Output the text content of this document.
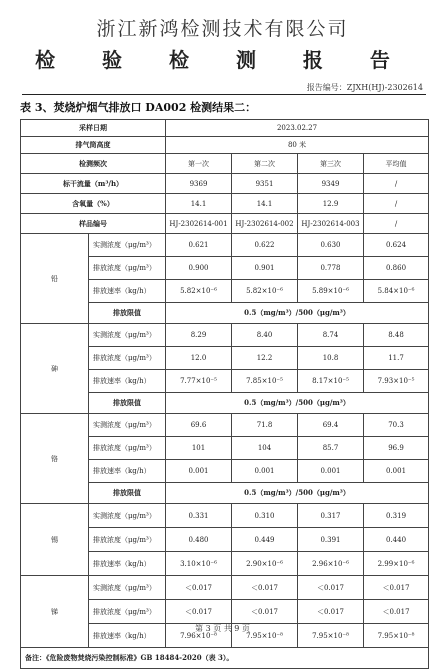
浙江新鸿检测技术有限公司
检 验 检 测 报 告
报告编号：ZJXH(HJ)-2302614
表 3、焚烧炉烟气排放口 DA002 检测结果二：
采样日期		2023.02.27			
排气筒高度		80 米			
检测频次		第一次	第二次	第三次	平均值
标干流量（m³/h）		9369	9351	9349	/
含氧量（%）		14.1	14.1	12.9	/
样品编号		HJ-2302614-001	HJ-2302614-002	HJ-2302614-003	/
铅	实测浓度（μg/m³）	0.621	0.622	0.630	0.624
	排放浓度（μg/m³）	0.900	0.901	0.778	0.860
	排放速率（kg/h）	5.82×10⁻⁶	5.82×10⁻⁶	5.89×10⁻⁶	5.84×10⁻⁶
	排放限值	0.5（mg/m³）/500（μg/m³）			
砷	实测浓度（μg/m³）	8.29	8.40	8.74	8.48
	排放浓度（μg/m³）	12.0	12.2	10.8	11.7
	排放速率（kg/h）	7.77×10⁻⁵	7.85×10⁻⁵	8.17×10⁻⁵	7.93×10⁻⁵
	排放限值	0.5（mg/m³）/500（μg/m³）			
铬	实测浓度（μg/m³）	69.6	71.8	69.4	70.3
	排放浓度（μg/m³）	101	104	85.7	96.9
	排放速率（kg/h）	0.001	0.001	0.001	0.001
	排放限值	0.5（mg/m³）/500（μg/m³）			
锡	实测浓度（μg/m³）	0.331	0.310	0.317	0.319
	排放浓度（μg/m³）	0.480	0.449	0.391	0.440
	排放速率（kg/h）	3.10×10⁻⁶	2.90×10⁻⁶	2.96×10⁻⁶	2.99×10⁻⁶
锑	实测浓度（μg/m³）	＜0.017	＜0.017	＜0.017	＜0.017
	排放浓度（μg/m³）	＜0.017	＜0.017	＜0.017	＜0.017
	排放速率（kg/h）	7.96×10⁻⁸	7.95×10⁻⁸	7.95×10⁻⁸	7.95×10⁻⁸
备注：《危险废物焚烧污染控制标准》GB 18484-2020（表 3）。					
第 3 页 共 9 页
